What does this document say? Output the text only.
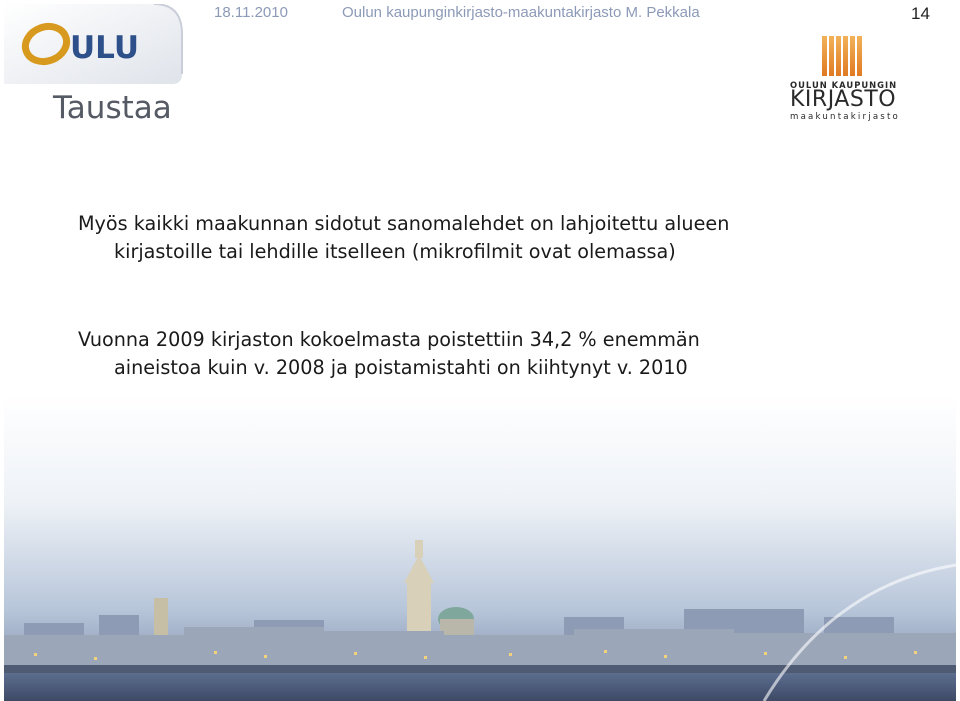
18.11.2010	Oulun kaupunginkirjasto-maakuntakirjasto M. Pekkala	14
ULU
OULUN KAUPUNGIN
KIRJASTO
maakuntakirjasto
Taustaa

Myös kaikki maakunnan sidotut sanomalehdet on lahjoitettu alueen
kirjastoille tai lehdille itselleen (mikrofilmit ovat olemassa)

Vuonna 2009 kirjaston kokoelmasta poistettiin 34,2 % enemmän
aineistoa kuin v. 2008 ja poistamistahti on kiihtynyt v. 2010
